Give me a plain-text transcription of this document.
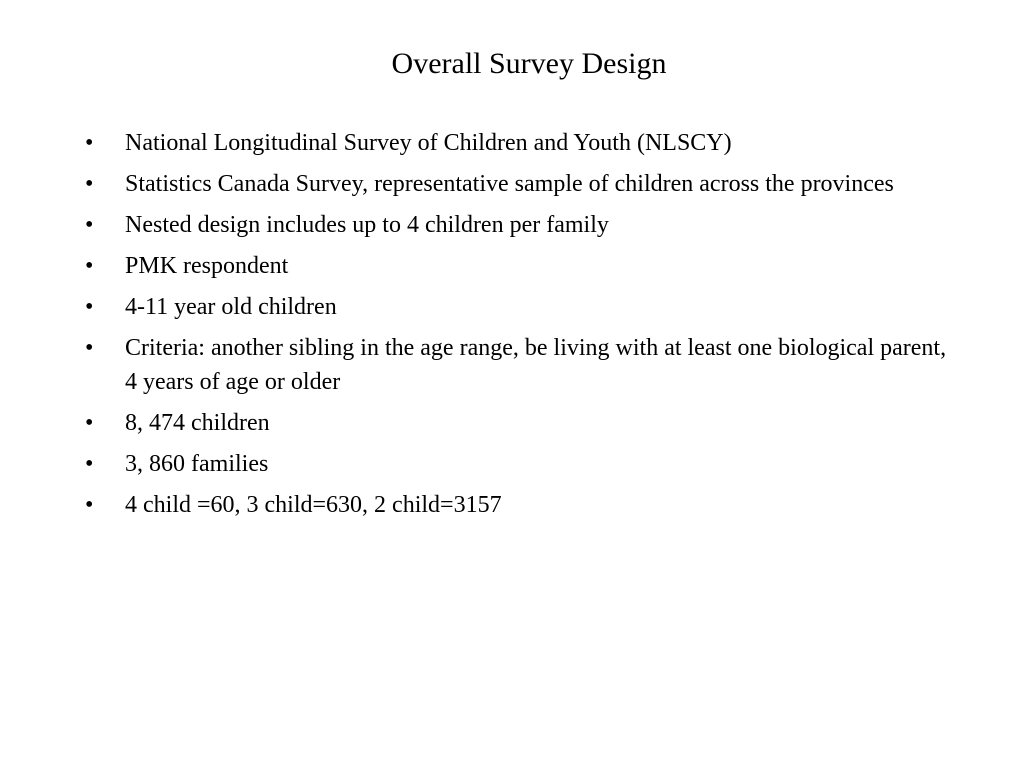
Overall Survey Design
•	National Longitudinal Survey of Children and Youth (NLSCY)
•	Statistics Canada Survey, representative sample of children across the provinces
•	Nested design includes up to 4 children per family
•	PMK respondent
•	4-11 year old children
•	Criteria: another sibling in the age range, be living with at least one biological parent, 4 years of age or older
•	8, 474 children
•	3, 860 families
•	4 child =60, 3 child=630, 2 child=3157
